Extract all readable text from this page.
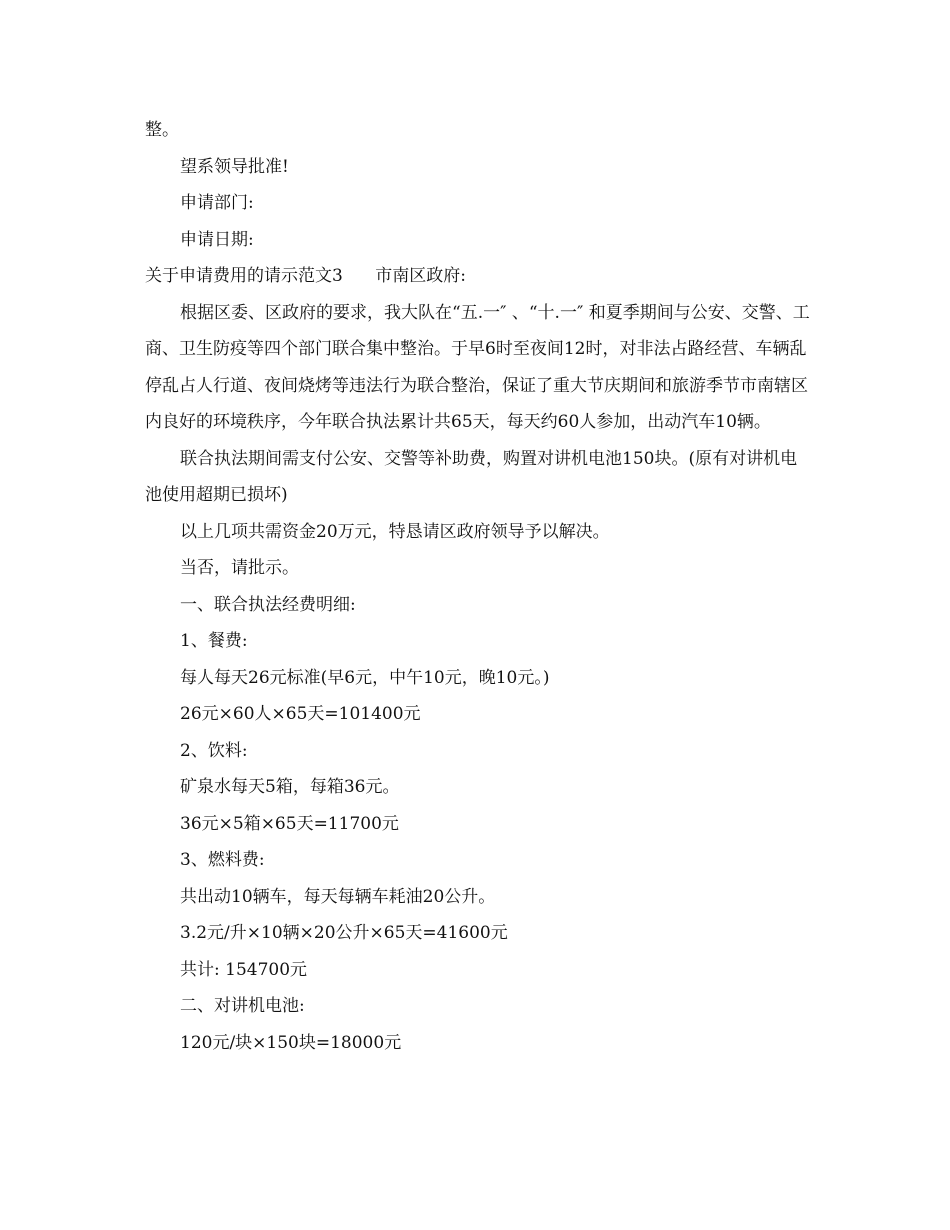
整。

望系领导批准!

申请部门:

申请日期:

关于申请费用的请示范文3      市南区政府:

根据区委、区政府的要求，我大队在“五.一″ 、“十.一″ 和夏季期间与公安、交警、工商、卫生防疫等四个部门联合集中整治。于早6时至夜间12时，对非法占路经营、车辆乱停乱占人行道、夜间烧烤等违法行为联合整治，保证了重大节庆期间和旅游季节市南辖区内良好的环境秩序，今年联合执法累计共65天，每天约60人参加，出动汽车10辆。

联合执法期间需支付公安、交警等补助费，购置对讲机电池150块。(原有对讲机电池使用超期已损坏)

以上几项共需资金20万元，特恳请区政府领导予以解决。

当否，请批示。

一、联合执法经费明细:

1、餐费:

每人每天26元标准(早6元，中午10元，晚10元。)

26元×60人×65天=101400元

2、饮料:

矿泉水每天5箱，每箱36元。

36元×5箱×65天=11700元

3、燃料费:

共出动10辆车，每天每辆车耗油20公升。

3.2元/升×10辆×20公升×65天=41600元

共计: 154700元

二、对讲机电池:

120元/块×150块=18000元
